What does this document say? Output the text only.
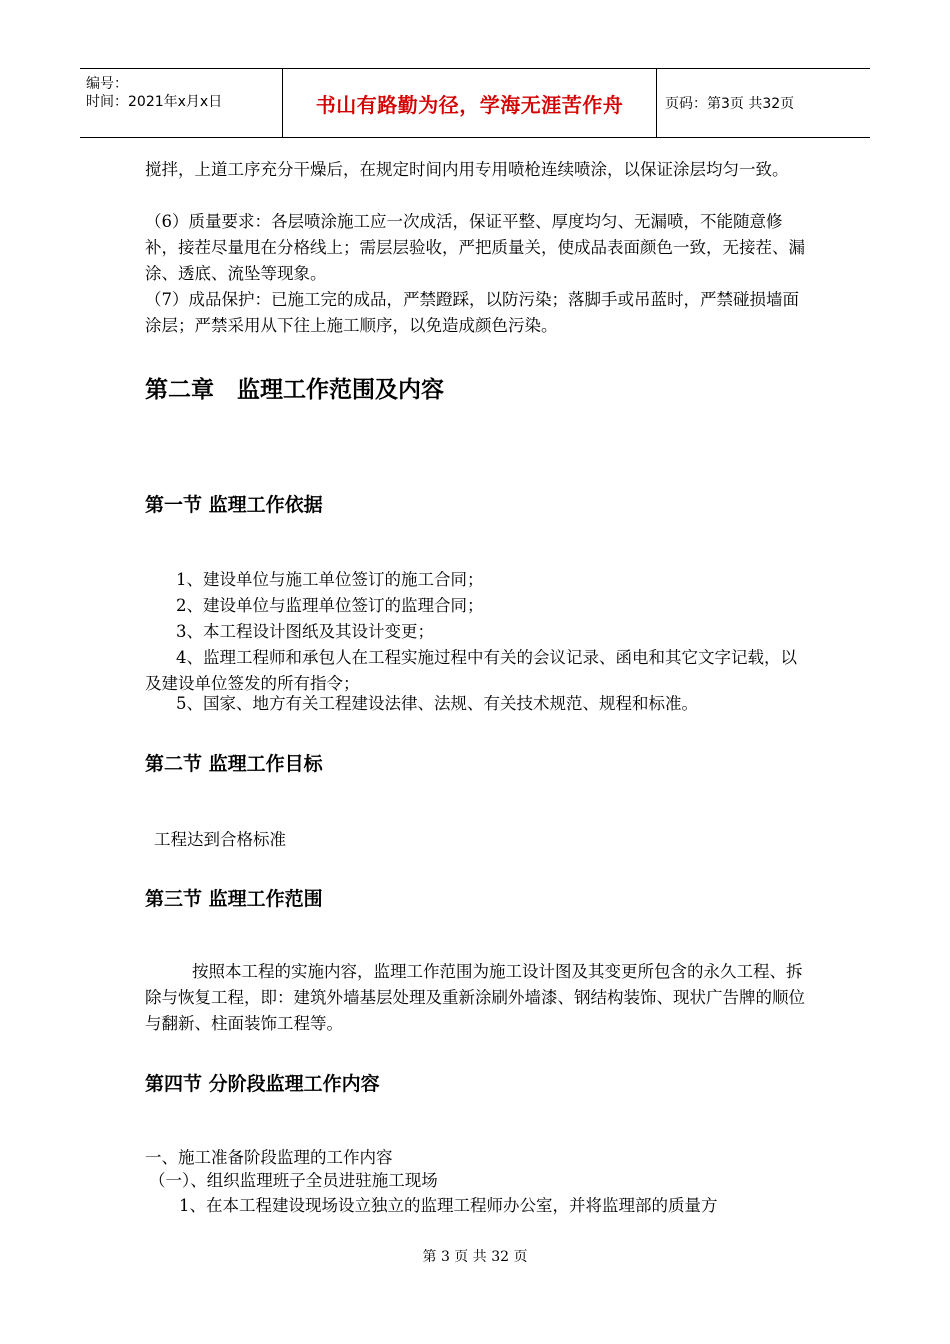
编号：
时间：2021年x月x日	书山有路勤为径，学海无涯苦作舟	页码：第3页 共32页

搅拌，上道工序充分干燥后，在规定时间内用专用喷枪连续喷涂，以保证涂层均匀一致。

（6）质量要求：各层喷涂施工应一次成活，保证平整、厚度均匀、无漏喷，不能随意修补，接茬尽量甩在分格线上；需层层验收，严把质量关，使成品表面颜色一致，无接茬、漏涂、透底、流坠等现象。

（7）成品保护：已施工完的成品，严禁蹬踩，以防污染；落脚手或吊蓝时，严禁碰损墙面涂层；严禁采用从下往上施工顺序，以免造成颜色污染。

第二章　监理工作范围及内容
第一节 监理工作依据

1、建设单位与施工单位签订的施工合同；

2、建设单位与监理单位签订的监理合同；

3、本工程设计图纸及其设计变更；

4、监理工程师和承包人在工程实施过程中有关的会议记录、函电和其它文字记载，以及建设单位签发的所有指令；

5、国家、地方有关工程建设法律、法规、有关技术规范、规程和标准。

第二节 监理工作目标

工程达到合格标准

第三节 监理工作范围

按照本工程的实施内容，监理工作范围为施工设计图及其变更所包含的永久工程、拆除与恢复工程，即：建筑外墙基层处理及重新涂刷外墙漆、钢结构装饰、现状广告牌的顺位与翻新、柱面装饰工程等。

第四节 分阶段监理工作内容

一、施工准备阶段监理的工作内容

（一）、组织监理班子全员进驻施工现场

1、在本工程建设现场设立独立的监理工程师办公室，并将监理部的质量方

第 3 页 共 32 页
